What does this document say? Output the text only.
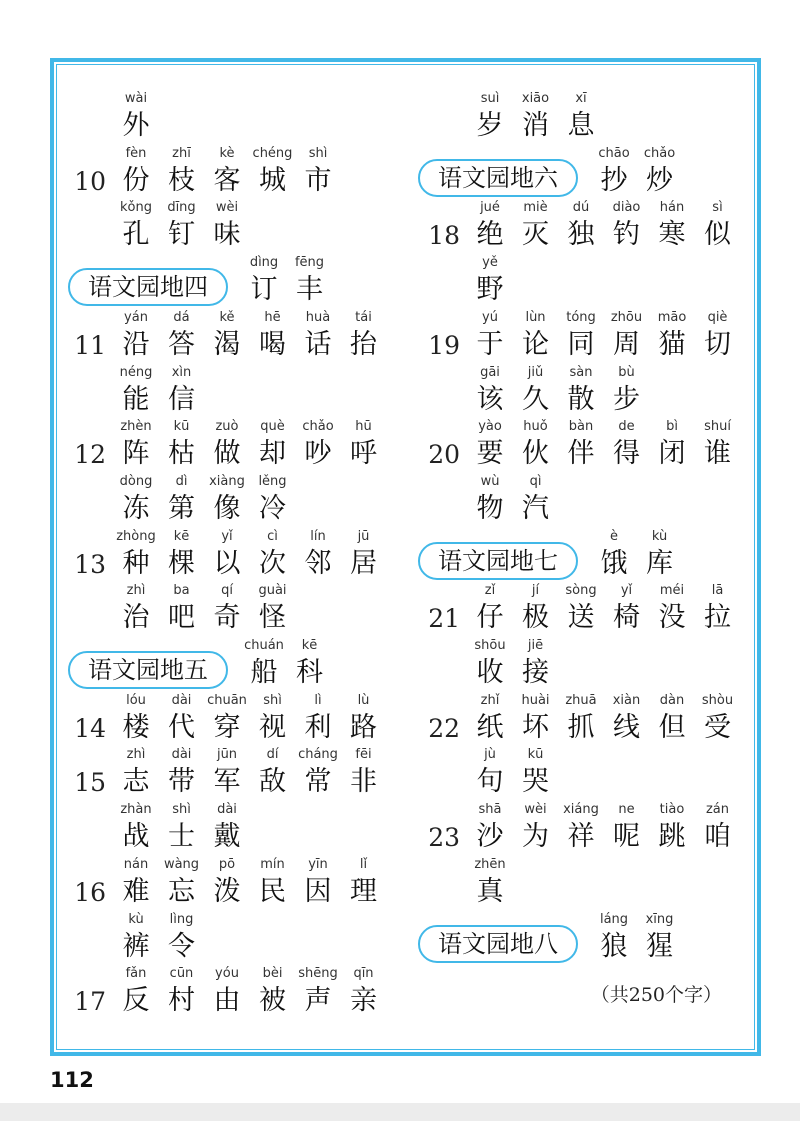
wài
外
10
fèn
份
zhī
枝
kè
客
chéng
城
shì
市
kǒng
孔
dīng
钉
wèi
味
语文园地四
dìng
订
fēng
丰
11
yán
沿
dá
答
kě
渴
hē
喝
huà
话
tái
抬
néng
能
xìn
信
12
zhèn
阵
kū
枯
zuò
做
què
却
chǎo
吵
hū
呼
dòng
冻
dì
第
xiàng
像
lěng
冷
13
zhòng
种
kē
棵
yǐ
以
cì
次
lín
邻
jū
居
zhì
治
ba
吧
qí
奇
guài
怪
语文园地五
chuán
船
kē
科
14
lóu
楼
dài
代
chuān
穿
shì
视
lì
利
lù
路
15
zhì
志
dài
带
jūn
军
dí
敌
cháng
常
fēi
非
zhàn
战
shì
士
dài
戴
16
nán
难
wàng
忘
pō
泼
mín
民
yīn
因
lǐ
理
kù
裤
lìng
令
17
fǎn
反
cūn
村
yóu
由
bèi
被
shēng
声
qīn
亲
suì
岁
xiāo
消
xī
息
语文园地六
chāo
抄
chǎo
炒
18
jué
绝
miè
灭
dú
独
diào
钓
hán
寒
sì
似
yě
野
19
yú
于
lùn
论
tóng
同
zhōu
周
māo
猫
qiè
切
gāi
该
jiǔ
久
sàn
散
bù
步
20
yào
要
huǒ
伙
bàn
伴
de
得
bì
闭
shuí
谁
wù
物
qì
汽
语文园地七
è
饿
kù
库
21
zǐ
仔
jí
极
sòng
送
yǐ
椅
méi
没
lā
拉
shōu
收
jiē
接
22
zhǐ
纸
huài
坏
zhuā
抓
xiàn
线
dàn
但
shòu
受
jù
句
kū
哭
23
shā
沙
wèi
为
xiáng
祥
ne
呢
tiào
跳
zán
咱
zhēn
真
语文园地八
láng
狼
xīng
猩
（共250个字）
112
